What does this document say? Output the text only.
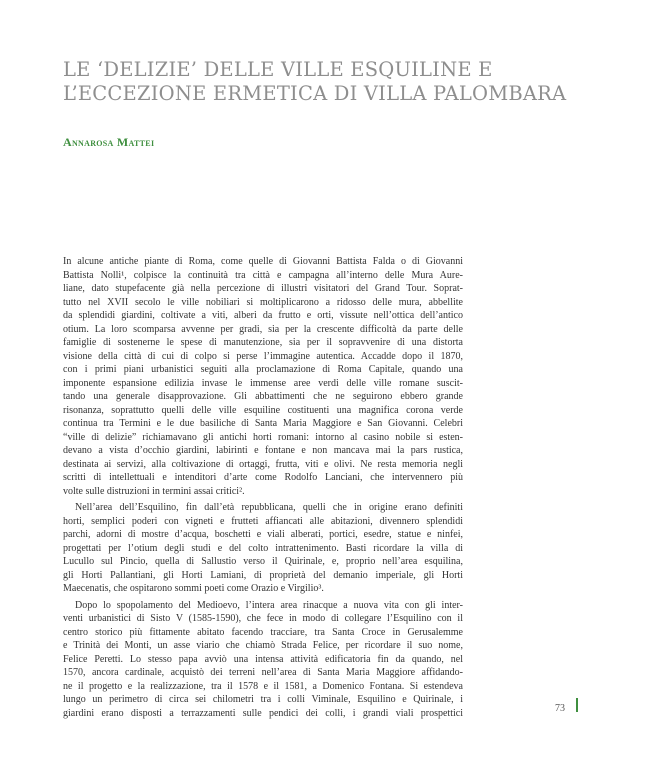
LE ‘DELIZIE’ DELLE VILLE ESQUILINE E
L’ECCEZIONE ERMETICA DI VILLA PALOMBARA
Annarosa Mattei

In alcune antiche piante di Roma, come quelle di Giovanni Battista Falda o di Giovanni

Battista Nolli¹, colpisce la continuità tra città e campagna all’interno delle Mura Aure-

liane, dato stupefacente già nella percezione di illustri visitatori del Grand Tour. Soprat-

tutto nel XVII secolo le ville nobiliari si moltiplicarono a ridosso delle mura, abbellite

da splendidi giardini, coltivate a viti, alberi da frutto e orti, vissute nell’ottica dell’antico

otium. La loro scomparsa avvenne per gradi, sia per la crescente difficoltà da parte delle

famiglie di sostenerne le spese di manutenzione, sia per il sopravvenire di una distorta

visione della città di cui di colpo si perse l’immagine autentica. Accadde dopo il 1870,

con i primi piani urbanistici seguiti alla proclamazione di Roma Capitale, quando una

imponente espansione edilizia invase le immense aree verdi delle ville romane suscit-

tando una generale disapprovazione. Gli abbattimenti che ne seguirono ebbero grande

risonanza, soprattutto quelli delle ville esquiline costituenti una magnifica corona verde

continua tra Termini e le due basiliche di Santa Maria Maggiore e San Giovanni. Celebri

“ville di delizie” richiamavano gli antichi horti romani: intorno al casino nobile si esten-

devano a vista d’occhio giardini, labirinti e fontane e non mancava mai la pars rustica,

destinata ai servizi, alla coltivazione di ortaggi, frutta, viti e olivi. Ne resta memoria negli

scritti di intellettuali e intenditori d’arte come Rodolfo Lanciani, che intervennero più

volte sulle distruzioni in termini assai critici².

Nell’area dell’Esquilino, fin dall’età repubblicana, quelli che in origine erano definiti

horti, semplici poderi con vigneti e frutteti affiancati alle abitazioni, divennero splendidi

parchi, adorni di mostre d’acqua, boschetti e viali alberati, portici, esedre, statue e ninfei,

progettati per l’otium degli studi e del colto intrattenimento. Basti ricordare la villa di

Lucullo sul Pincio, quella di Sallustio verso il Quirinale, e, proprio nell’area esquilina,

gli Horti Pallantiani, gli Horti Lamiani, di proprietà del demanio imperiale, gli Horti

Maecenatis, che ospitarono sommi poeti come Orazio e Virgilio³.

Dopo lo spopolamento del Medioevo, l’intera area rinacque a nuova vita con gli inter-

venti urbanistici di Sisto V (1585-1590), che fece in modo di collegare l’Esquilino con il

centro storico più fittamente abitato facendo tracciare, tra Santa Croce in Gerusalemme

e Trinità dei Monti, un asse viario che chiamò Strada Felice, per ricordare il suo nome,

Felice Peretti. Lo stesso papa avviò una intensa attività edificatoria fin da quando, nel

1570, ancora cardinale, acquistò dei terreni nell’area di Santa Maria Maggiore affidando-

ne il progetto e la realizzazione, tra il 1578 e il 1581, a Domenico Fontana. Si estendeva

lungo un perimetro di circa sei chilometri tra i colli Viminale, Esquilino e Quirinale, i

giardini erano disposti a terrazzamenti sulle pendici dei colli, i grandi viali prospettici	73
